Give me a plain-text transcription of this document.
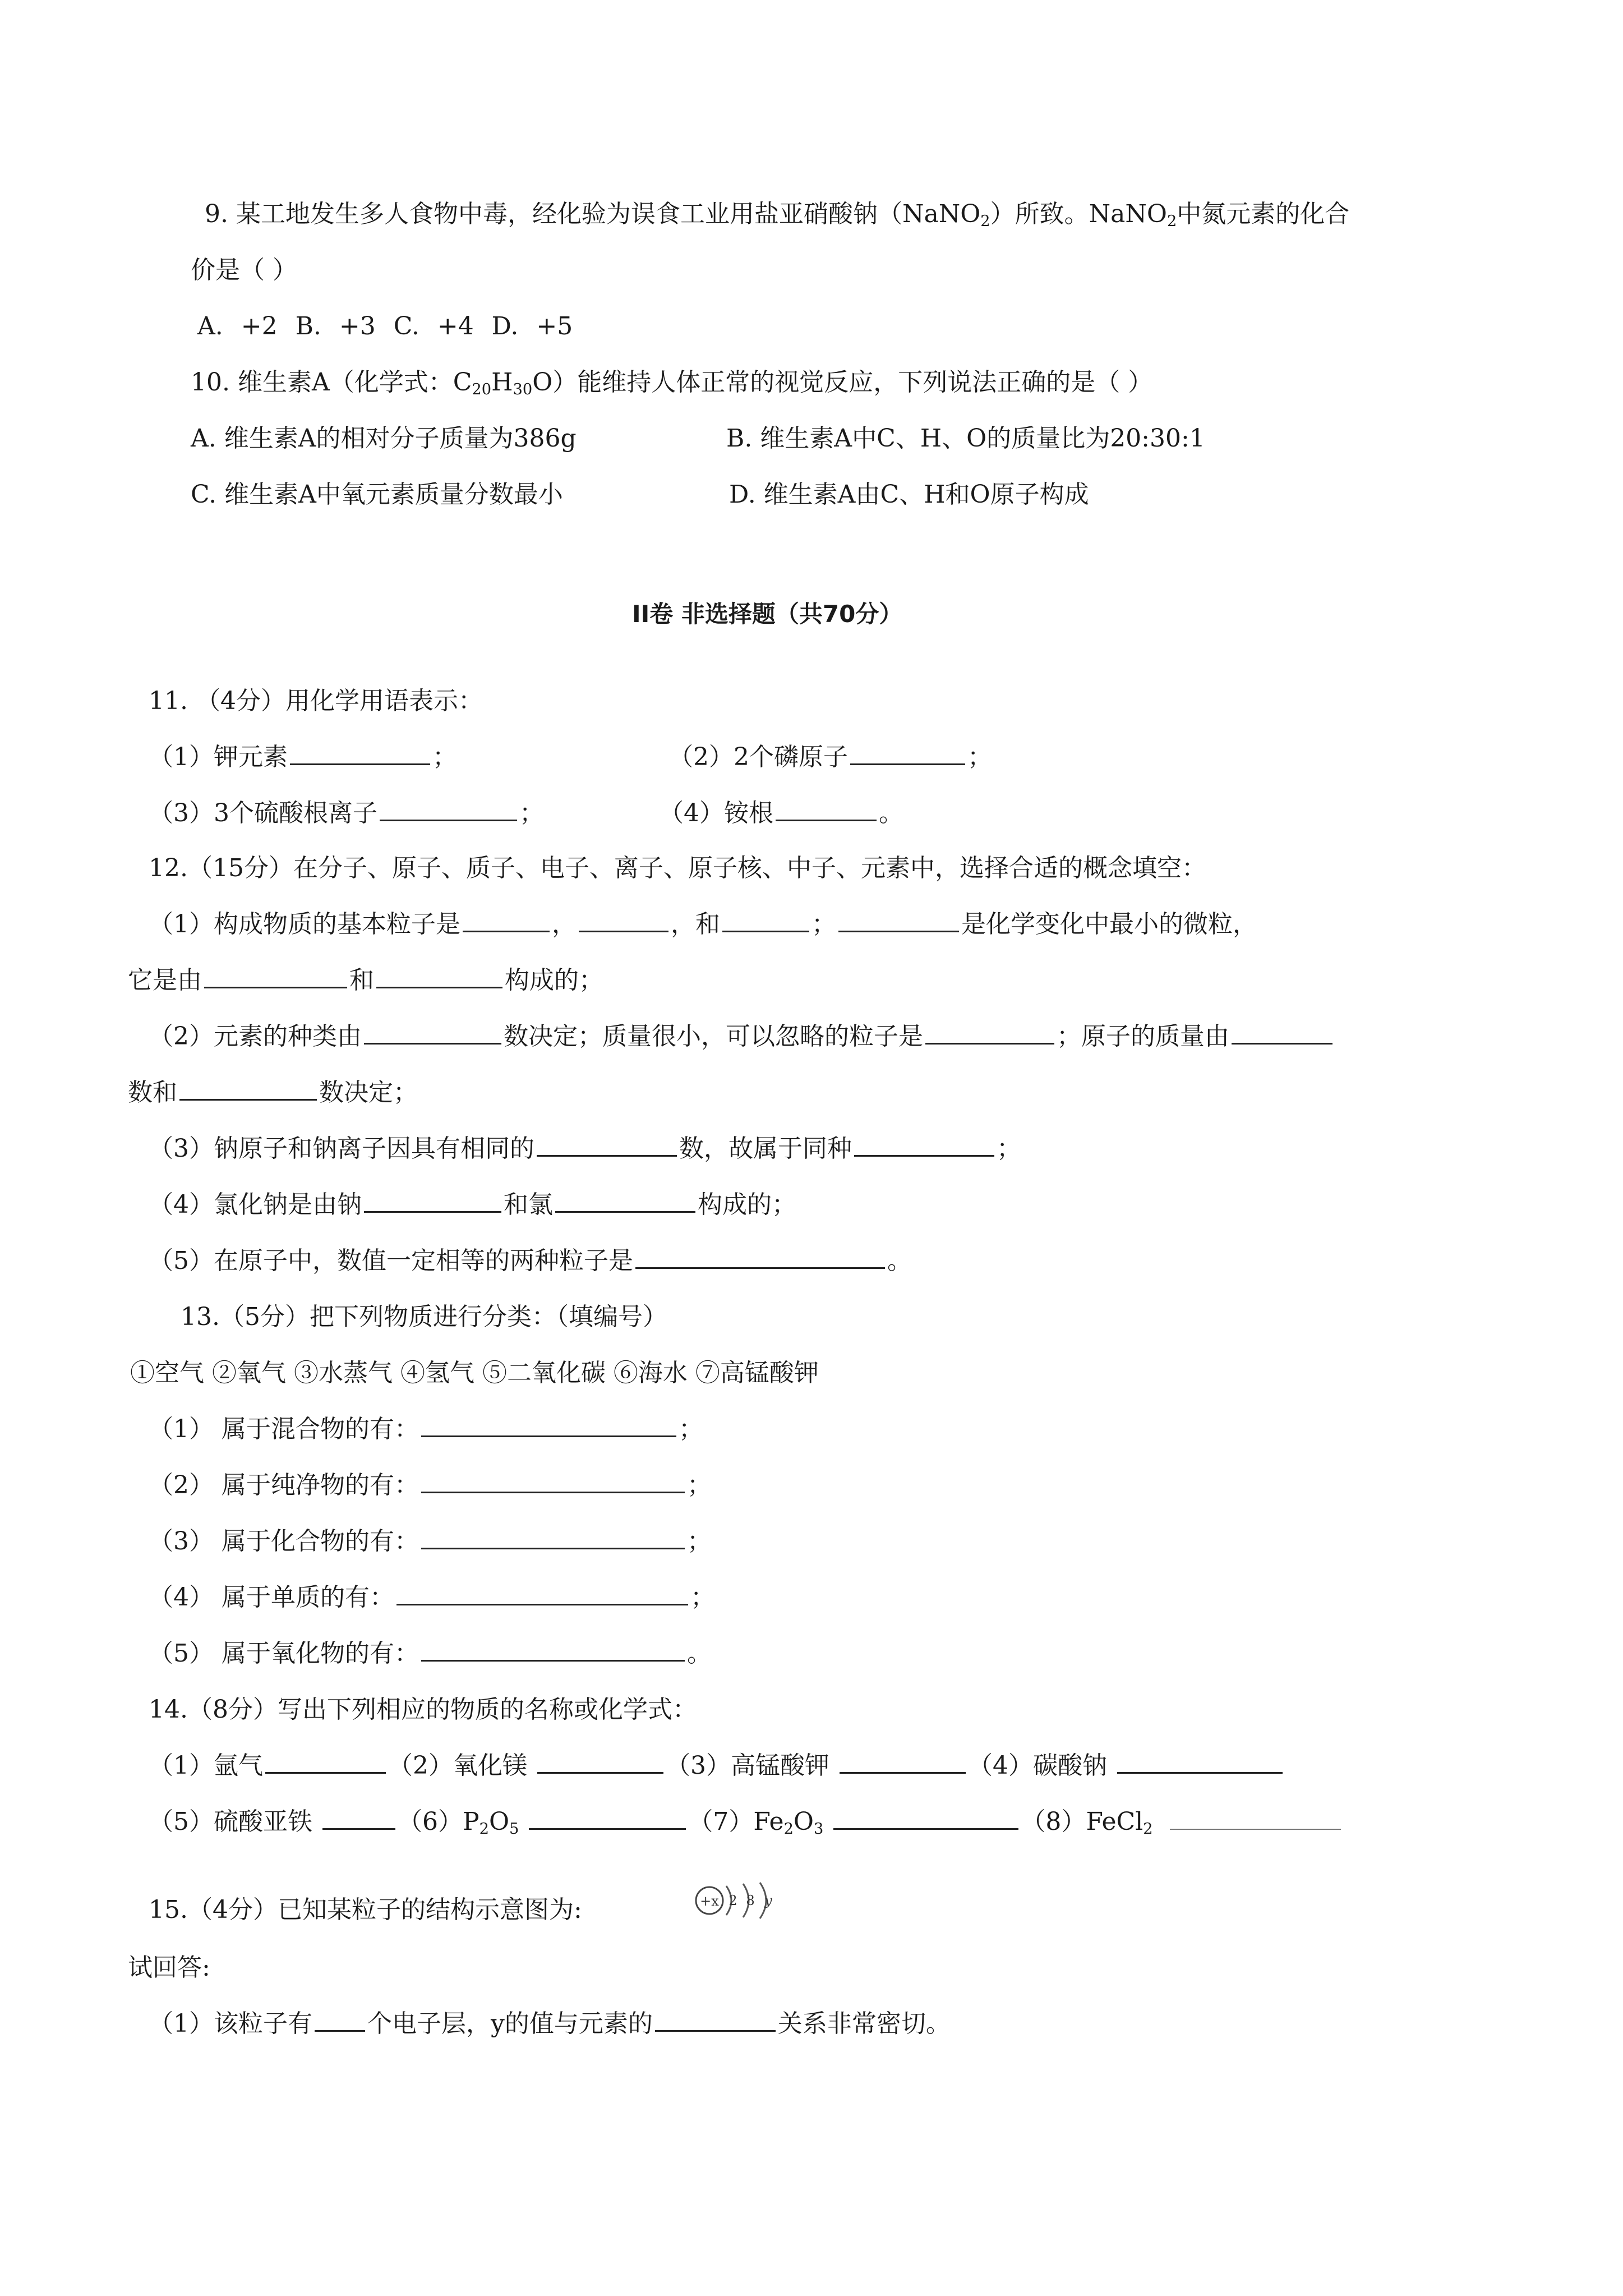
9. 某工地发生多人食物中毒，经化验为误食工业用盐亚硝酸钠（NaNO$_2$）所致。NaNO$_2$中氮元素的化合
价是（ ）
A. +2 B. +3 C. +4 D. +5
10. 维生素A（化学式：$C_{20}H_{30}O$）能维持人体正常的视觉反应，下列说法正确的是（ ）
A. 维生素A的相对分子质量为386g	B. 维生素A中C、H、O的质量比为20:30:1
C. 维生素A中氧元素质量分数最小	D. 维生素A由C、H和O原子构成
II卷 非选择题（共70分）
11. （4分）用化学用语表示：
（1）钾元素	；	（2）2个磷原子	；
（3）3个硫酸根离子	；	（4）铵根	。
12.（15分）在分子、原子、质子、电子、离子、原子核、中子、元素中，选择合适的概念填空：
（1）构成物质的基本粒子是	，	，和	；	是化学变化中最小的微粒，
它是由	和	构成的；
（2）元素的种类由	数决定；质量很小，可以忽略的粒子是	；原子的质量由
数和	数决定；
（3）钠原子和钠离子因具有相同的	数，故属于同种	；
（4）氯化钠是由钠	和氯	构成的；
（5）在原子中，数值一定相等的两种粒子是	。
13.（5分）把下列物质进行分类：（填编号）
①空气 ②氧气 ③水蒸气 ④氢气 ⑤二氧化碳 ⑥海水 ⑦高锰酸钾
（1） 属于混合物的有：	；
（2） 属于纯净物的有：	；
（3） 属于化合物的有：	；
（4） 属于单质的有：	；
（5） 属于氧化物的有：	。
14.（8分）写出下列相应的物质的名称或化学式：
（1）氩气	（2）氧化镁	（3）高锰酸钾	（4）碳酸钠
（5）硫酸亚铁	$(6)P_2O_5$	$(7)Fe_2O_3$	（8）FeCl$_2$
15.（4分）已知某粒子的结构示意图为:	+x 2 8 y
试回答:
（1）该粒子有 个电子层，y的值与元素的	关系非常密切。
